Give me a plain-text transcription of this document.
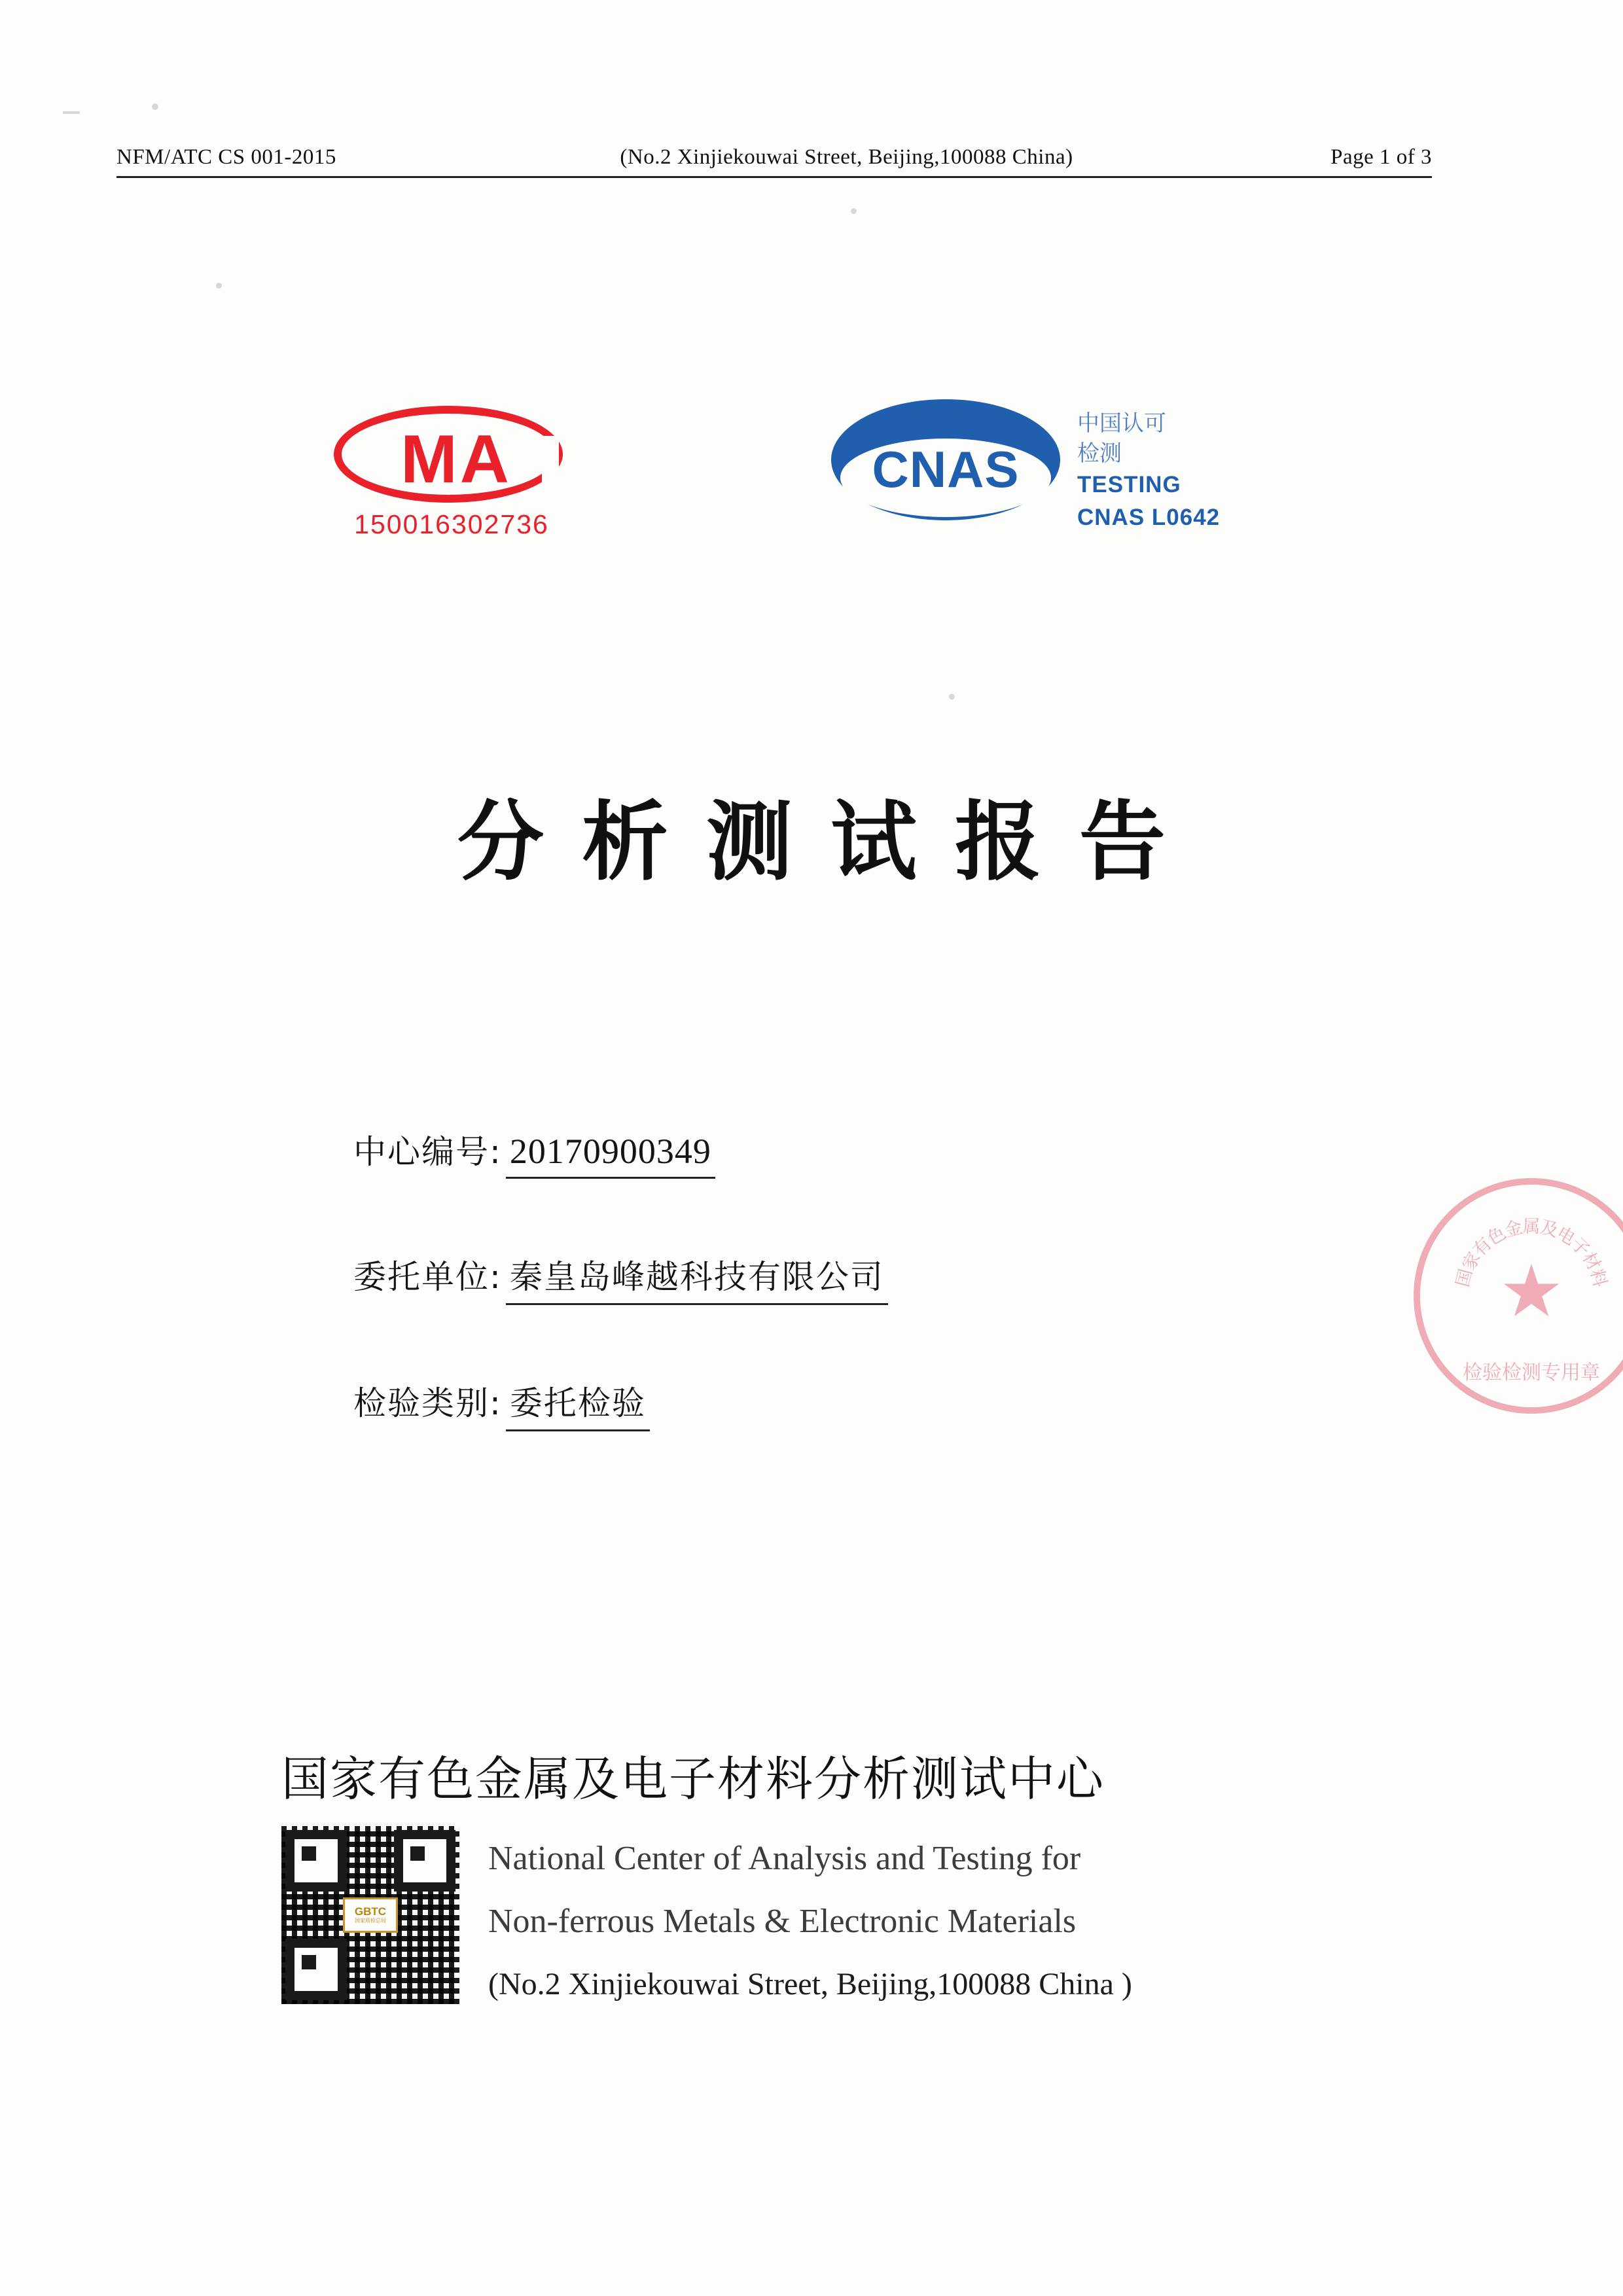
NFM/ATC CS 001-2015	(No.2 Xinjiekouwai Street, Beijing,100088 China)	Page 1 of 3
MA
150016302736
CNAS
中国认可
检测
TESTING
CNAS L0642
分析测试报告
中心编号: 20170900349
委托单位: 秦皇岛峰越科技有限公司
检验类别: 委托检验
★
检验检测专用章
国
家
有
色
金
属
及
电
子
材
料
国家有色金属及电子材料分析测试中心
GBTC
国家质检总局
National Center of Analysis and Testing for
Non-ferrous Metals & Electronic Materials
(No.2 Xinjiekouwai Street, Beijing,100088 China )
